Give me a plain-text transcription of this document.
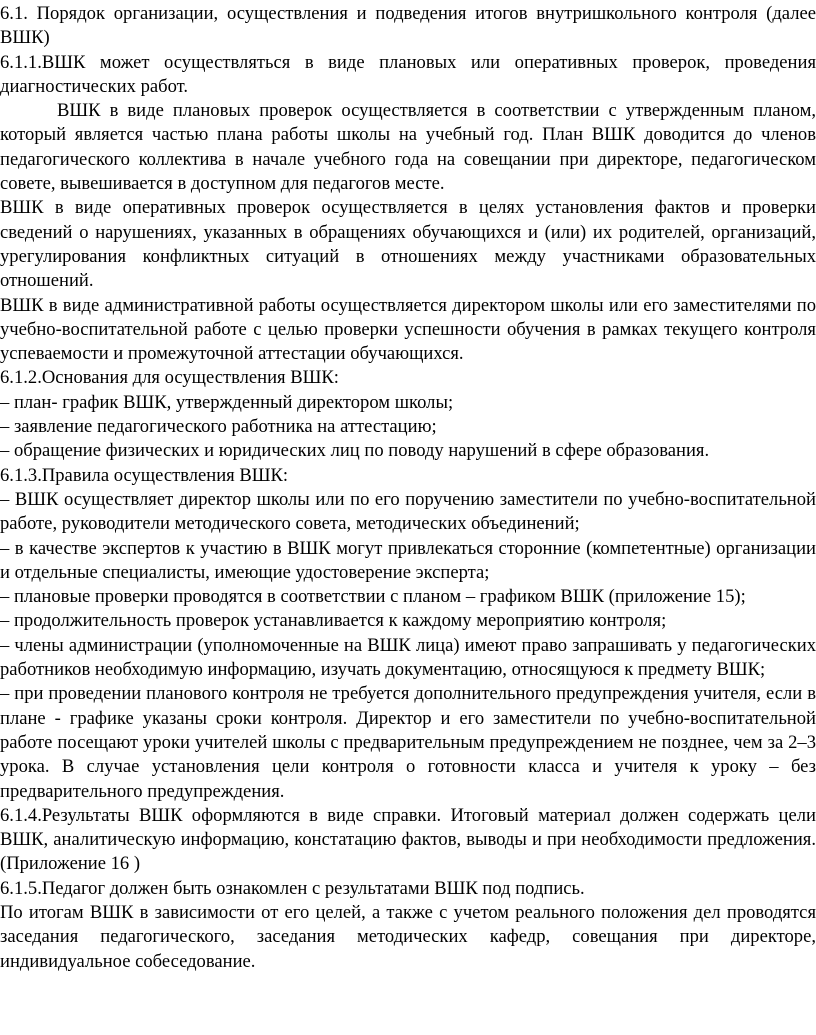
6.1. Порядок организации, осуществления и подведения итогов внутришкольного контроля (далее ВШК)

6.1.1.ВШК может осуществляться в виде плановых или оперативных проверок, проведения диагностических работ.

ВШК в виде плановых проверок осуществляется в соответствии с утвержденным планом, который является частью плана работы школы на учебный год. План ВШК доводится до членов педагогического коллектива в начале учебного года на совещании при директоре, педагогическом совете, вывешивается в доступном для педагогов месте.

ВШК в виде оперативных проверок осуществляется в целях установления фактов и проверки сведений о нарушениях, указанных в обращениях обучающихся и (или) их родителей, организаций, урегулирования конфликтных ситуаций в отношениях между участниками образовательных отношений.

ВШК в виде административной работы осуществляется директором школы или его заместителями по учебно-воспитательной работе с целью проверки успешности обучения в рамках текущего контроля успеваемости и промежуточной аттестации обучающихся.

6.1.2.Основания для осуществления ВШК:

– план- график ВШК, утвержденный директором школы;

– заявление педагогического работника на аттестацию;

– обращение физических и юридических лиц по поводу нарушений в сфере образования.

6.1.3.Правила осуществления ВШК:

– ВШК осуществляет директор школы или по его поручению заместители по учебно-воспитательной работе, руководители методического совета, методических объединений;

– в качестве экспертов к участию в ВШК могут привлекаться сторонние (компетентные) организации и отдельные специалисты, имеющие удостоверение эксперта;

– плановые проверки проводятся в соответствии с планом – графиком ВШК (приложение 15);

– продолжительность проверок устанавливается к каждому мероприятию контроля;

– члены администрации (уполномоченные на ВШК лица) имеют право запрашивать у педагогических работников необходимую информацию, изучать документацию, относящуюся к предмету ВШК;

– при проведении планового контроля не требуется дополнительного предупреждения учителя, если в плане - графике указаны сроки контроля. Директор и его заместители по учебно-воспитательной работе посещают уроки учителей школы с предварительным предупреждением не позднее, чем за 2–3 урока. В случае установления цели контроля о готовности класса и учителя к уроку – без предварительного предупреждения.

6.1.4.Результаты ВШК оформляются в виде справки. Итоговый материал должен содержать цели ВШК, аналитическую информацию, констатацию фактов, выводы и при необходимости предложения. (Приложение 16 )

6.1.5.Педагог должен быть ознакомлен с результатами ВШК под подпись.

По итогам ВШК в зависимости от его целей, а также с учетом реального положения дел проводятся заседания педагогического, заседания методических кафедр, совещания при директоре, индивидуальное собеседование.
